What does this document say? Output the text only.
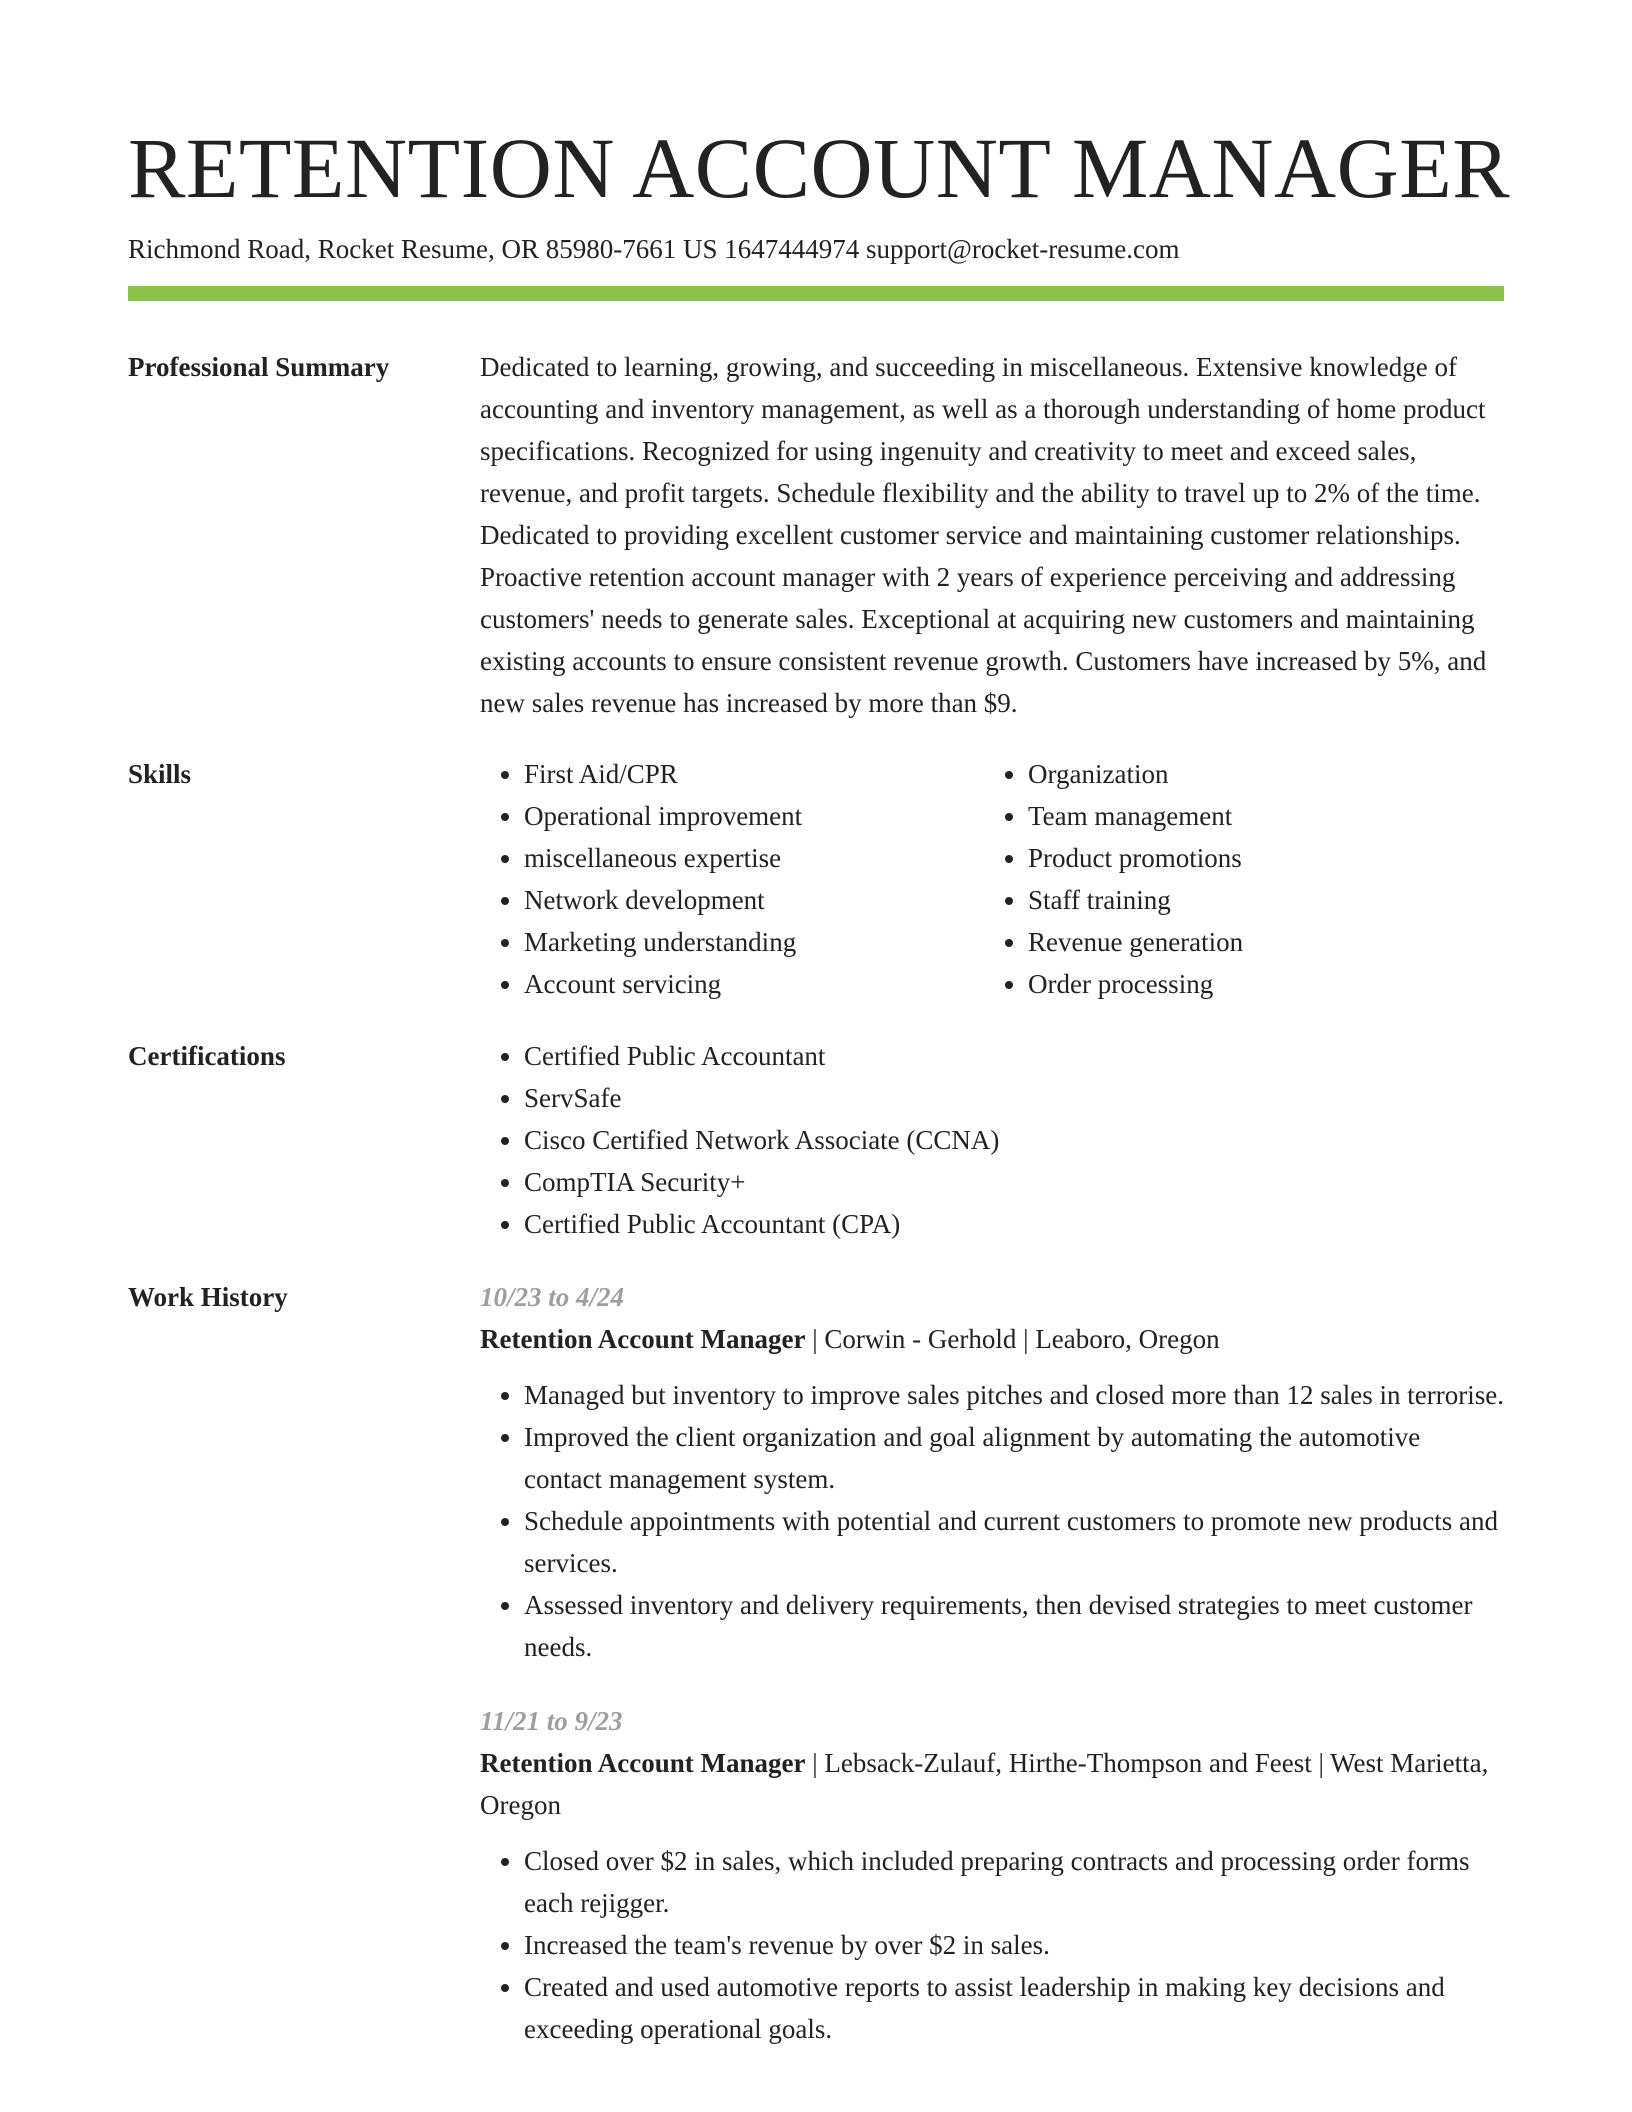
RETENTION ACCOUNT MANAGER
Richmond Road, Rocket Resume, OR 85980-7661 US 1647444974 support@rocket-resume.com
Professional Summary	Dedicated to learning, growing, and succeeding in miscellaneous. Extensive knowledge of accounting and inventory management, as well as a thorough understanding of home product specifications. Recognized for using ingenuity and creativity to meet and exceed sales, revenue, and profit targets. Schedule flexibility and the ability to travel up to 2% of the time. Dedicated to providing excellent customer service and maintaining customer relationships. Proactive retention account manager with 2 years of experience perceiving and addressing customers' needs to generate sales. Exceptional at acquiring new customers and maintaining existing accounts to ensure consistent revenue growth. Customers have increased by 5%, and new sales revenue has increased by more than $9.

Skills	• First Aid/CPR
• Operational improvement
• miscellaneous expertise
• Network development
• Marketing understanding
• Account servicing
• Organization
• Team management
• Product promotions
• Staff training
• Revenue generation
• Order processing
Certifications	• Certified Public Accountant
• ServSafe
• Cisco Certified Network Associate (CCNA)
• CompTIA Security+
• Certified Public Accountant (CPA)
Work History	10/23 to 4/24
Retention Account Manager | Corwin - Gerhold | Leaboro, Oregon
• Managed but inventory to improve sales pitches and closed more than 12 sales in terrorise.
• Improved the client organization and goal alignment by automating the automotive contact management system.
• Schedule appointments with potential and current customers to promote new products and services.
• Assessed inventory and delivery requirements, then devised strategies to meet customer needs.
11/21 to 9/23
Retention Account Manager | Lebsack-Zulauf, Hirthe-Thompson and Feest | West Marietta, Oregon
• Closed over $2 in sales, which included preparing contracts and processing order forms each rejigger.
• Increased the team's revenue by over $2 in sales.
• Created and used automotive reports to assist leadership in making key decisions and exceeding operational goals.
